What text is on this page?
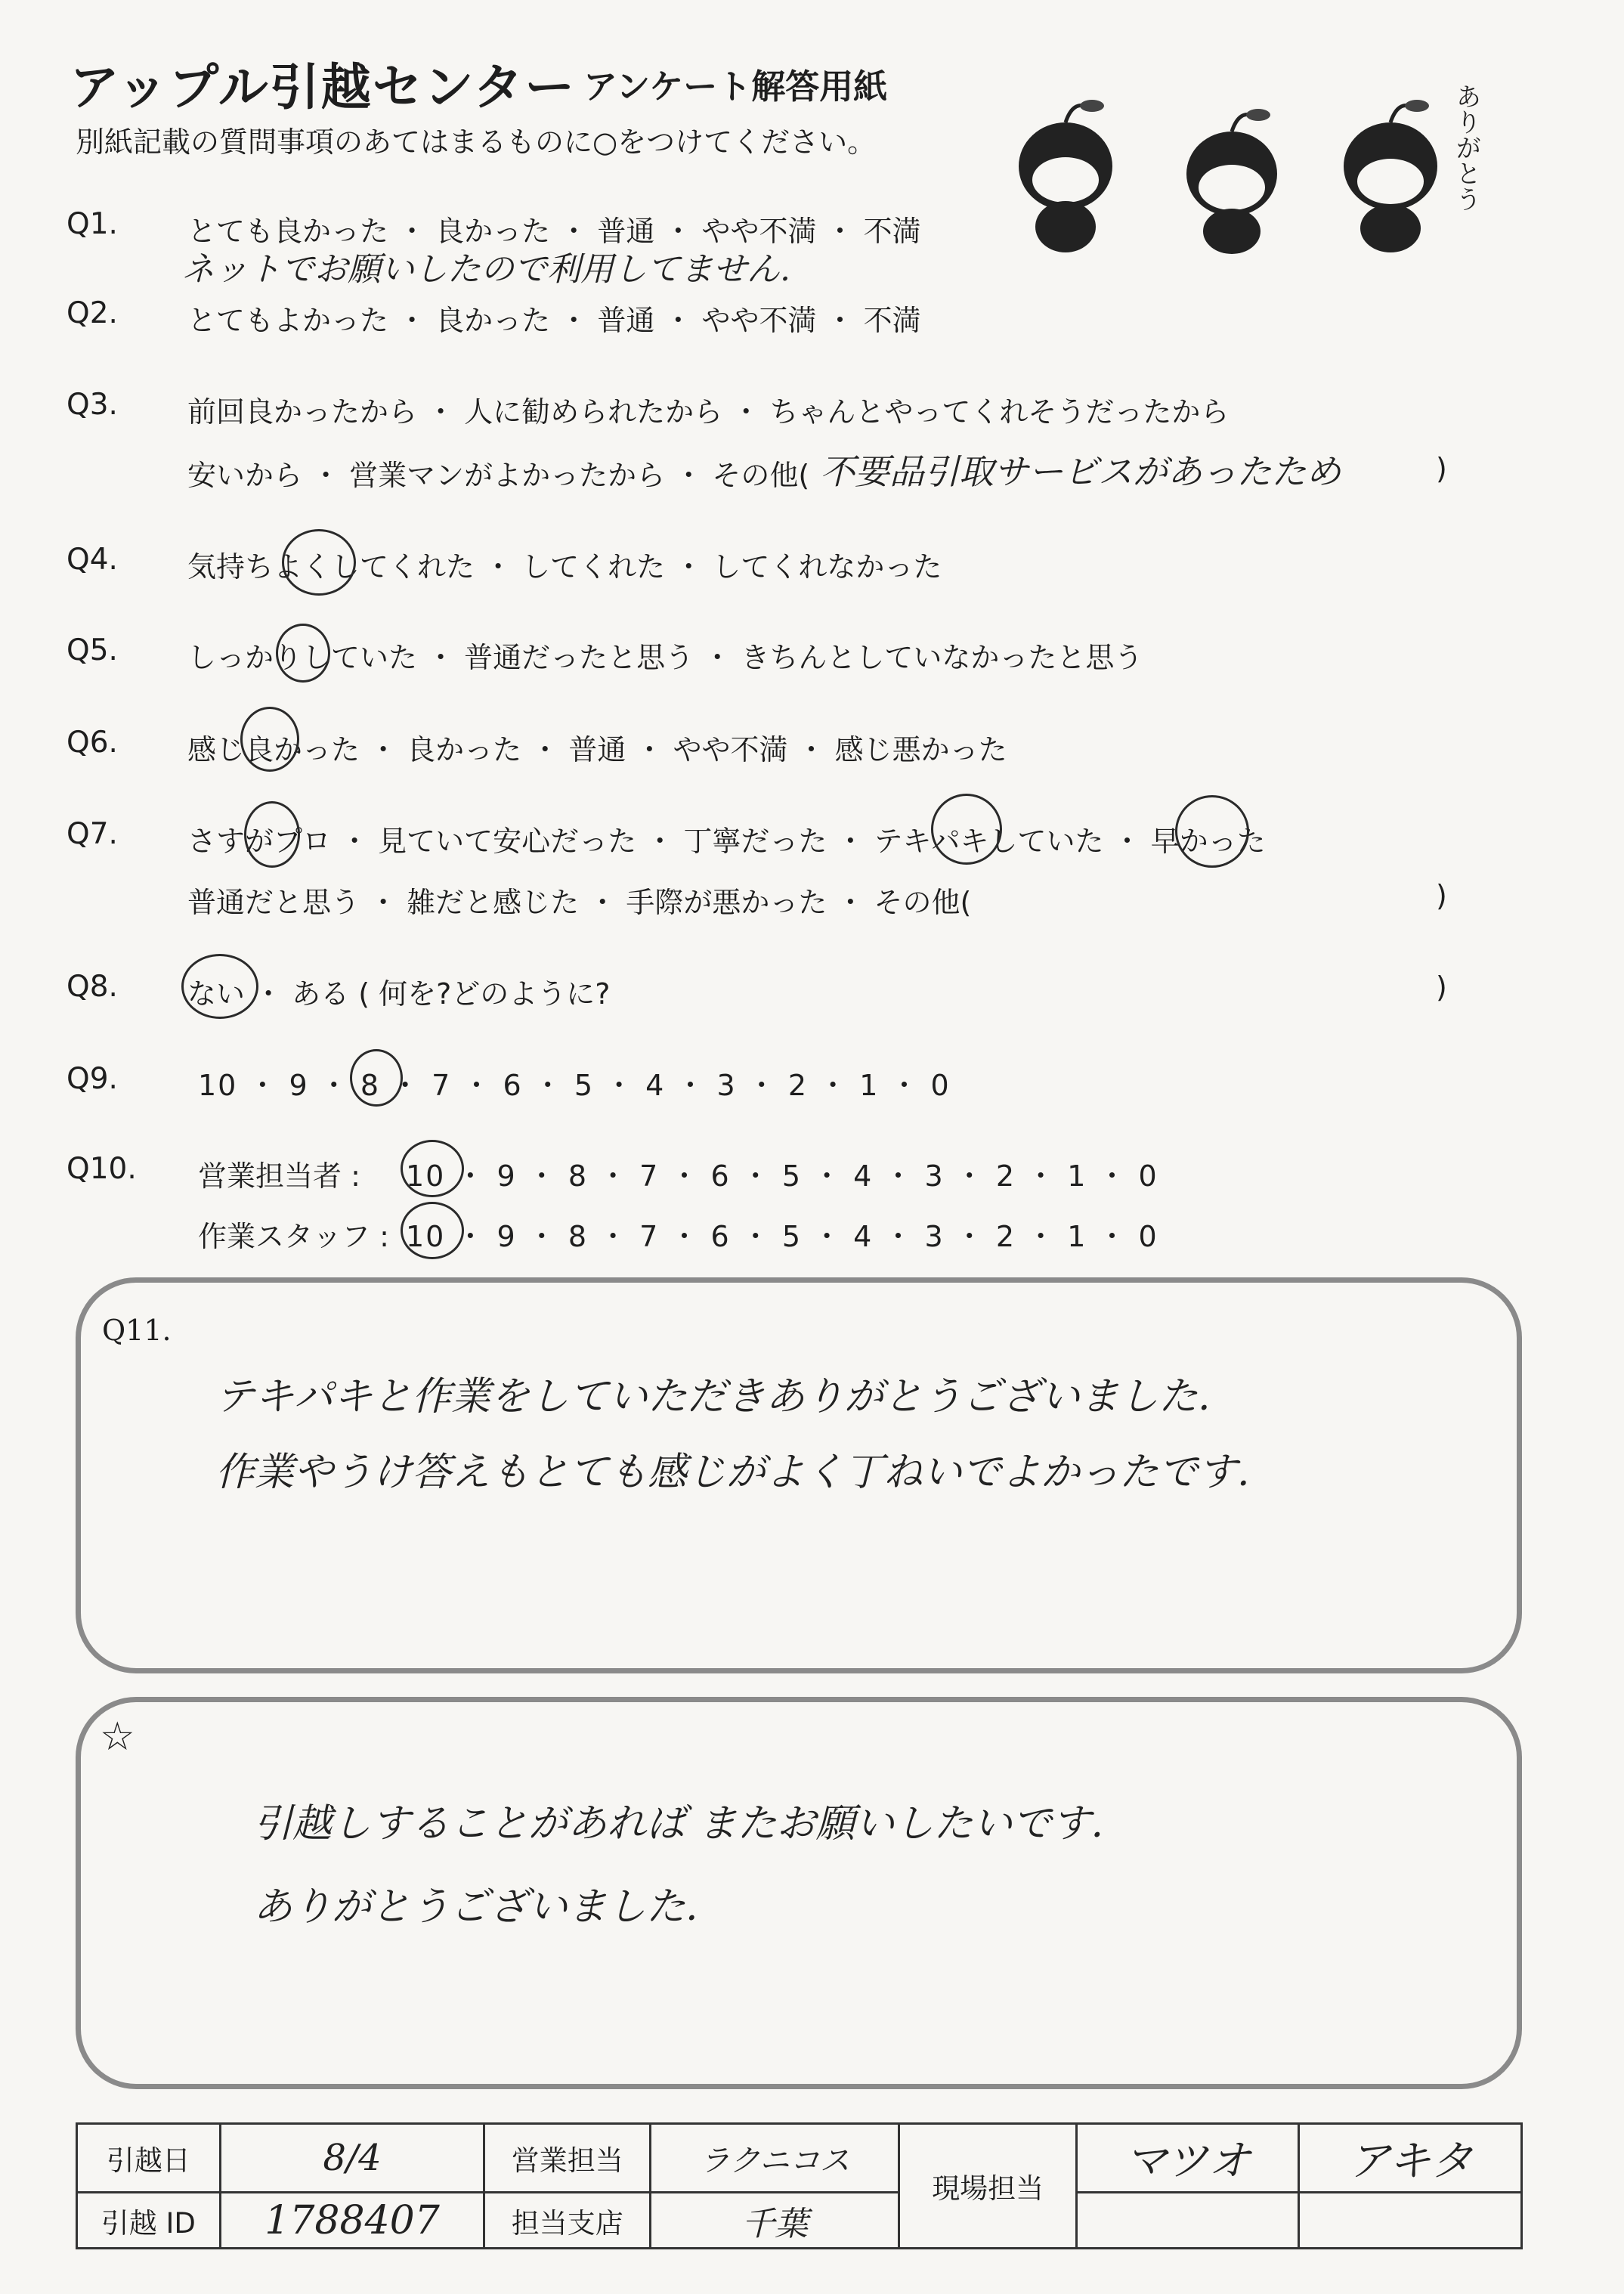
アップル引越センター アンケート解答用紙
別紙記載の質問事項のあてはまるものに○をつけてください。	ありがとう
Q1. とても良かった ・ 良かった ・ 普通 ・ やや不満 ・ 不満
ネットでお願いしたので利用してません.
Q2. とてもよかった ・ 良かった ・ 普通 ・ やや不満 ・ 不満
Q3. 前回良かったから ・ 人に勧められたから ・ ちゃんとやってくれそうだったから
安いから ・ 営業マンがよかったから ・ その他( 不要品引取サービスがあったため	)
Q4. 気持ちよくしてくれた ・ してくれた ・ してくれなかった
Q5. しっかりしていた ・ 普通だったと思う ・ きちんとしていなかったと思う
Q6. 感じ良かった ・ 良かった ・ 普通 ・ やや不満 ・ 感じ悪かった
Q7. さすがプロ ・ 見ていて安心だった ・ 丁寧だった ・ テキパキしていた ・ 早かった
普通だと思う ・ 雑だと感じた ・ 手際が悪かった ・ その他(	)
Q8. ない ・ ある ( 何を?どのように?	)
Q9.	10 ・ 9 ・ 8 ・ 7 ・ 6 ・ 5 ・ 4 ・ 3 ・ 2 ・ 1 ・ 0
Q10. 営業担当者 : 10 ・ 9 ・ 8 ・ 7 ・ 6 ・ 5 ・ 4 ・ 3 ・ 2 ・ 1 ・ 0
作業スタッフ : 10 ・ 9 ・ 8 ・ 7 ・ 6 ・ 5 ・ 4 ・ 3 ・ 2 ・ 1 ・ 0
Q11.
テキパキと作業をしていただきありがとうございました.
作業やうけ答えもとても感じがよく丁ねいでよかったです.
☆
引越しすることがあれば またお願いしたいです.
ありがとうございました.
引越日	8/4	営業担当	ラクニコス	現場担当	マツオ	アキタ
引越 ID	1788407	担当支店	千葉			
